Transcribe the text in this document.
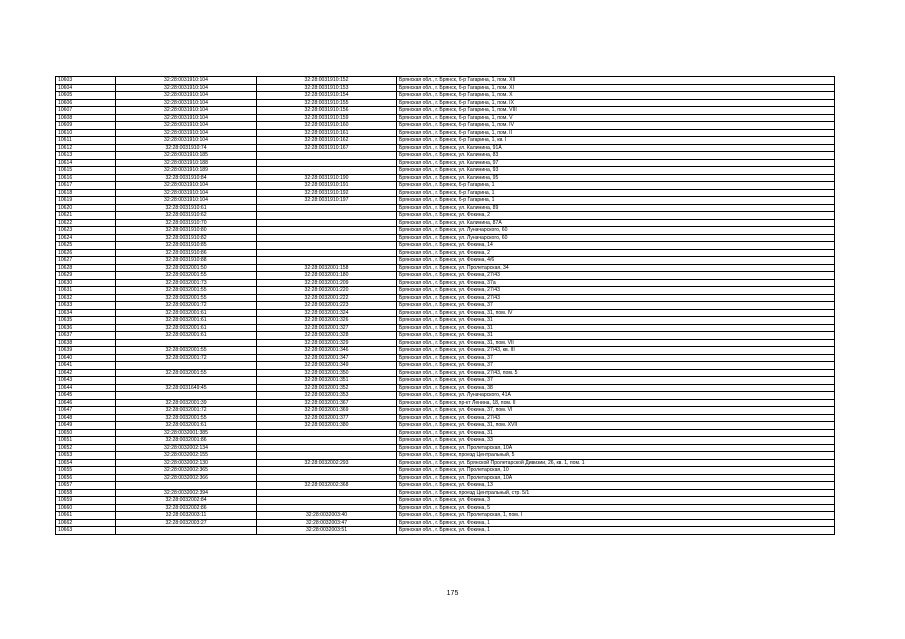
10603	32:28:0031910:104	32:28:0031910:152	Брянская обл., г. Брянск, б-р Гагарина, 1, пом. XII
10604	32:28:0031910:104	32:28:0031910:153	Брянская обл., г. Брянск, б-р Гагарина, 1, пом. XI
10605	32:28:0031910:104	32:28:0031910:154	Брянская обл., г. Брянск, б-р Гагарина, 1, пом. X
10606	32:28:0031910:104	32:28:0031910:155	Брянская обл., г. Брянск, б-р Гагарина, 1, пом. IX
10607	32:28:0031910:104	32:28:0031910:156	Брянская обл., г. Брянск, б-р Гагарина, 1, пом. VIII
10608	32:28:0031910:104	32:28:0031910:159	Брянская обл., г. Брянск, б-р Гагарина, 1, пом. V
10609	32:28:0031910:104	32:28:0031910:160	Брянская обл., г. Брянск, б-р Гагарина, 1, пом. IV
10610	32:28:0031910:104	32:28:0031910:161	Брянская обл., г. Брянск, б-р Гагарина, 1, пом. II
10611	32:28:0031910:104	32:28:0031910:162	Брянская обл., г. Брянск, б-р Гагарина, 1, кв. I
10612	32:28:0031910:74	32:28:0031910:167	Брянская обл., г. Брянск, ул. Калинина, 91А
10613	32:28:0031910:185		Брянская обл., г. Брянск, ул. Калинина, 83
10614	32:28:0031910:188		Брянская обл., г. Брянск, ул. Калинина, 97
10615	32:28:0031910:189		Брянская обл., г. Брянск, ул. Калинина, 93
10616	32:28:0031910:84	32:28:0031910:190	Брянская обл., г. Брянск, ул. Калинина, 95
10617	32:28:0031910:104	32:28:0031910:191	Брянская обл., г. Брянск, б-р Гагарина, 1
10618	32:28:0031910:104	32:28:0031910:192	Брянская обл., г. Брянск, б-р Гагарина, 1
10619	32:28:0031910:104	32:28:0031910:197	Брянская обл., г. Брянск, б-р Гагарина, 1
10620	32:28:0031910:61		Брянская обл., г. Брянск, ул. Калинина, 89
10621	32:28:0031910:62		Брянская обл., г. Брянск, ул. Фокина, 2
10622	32:28:0031910:70		Брянская обл., г. Брянск, ул. Калинина, 87А
10623	32:28:0031910:80		Брянская обл., г. Брянск, ул. Луначарского, 60
10624	32:28:0031910:82		Брянская обл., г. Брянск, ул. Луначарского, 60
10625	32:28:0031910:85		Брянская обл., г. Брянск, ул. Фокина, 14
10626	32:28:0031910:86		Брянская обл., г. Брянск, ул. Фокина, 2
10627	32:28:0031910:88		Брянская обл., г. Брянск, ул. Фокина, 4/6
10628	32:28:0032001:50	32:28:0032001:158	Брянская обл., г. Брянск, ул. Пролетарская, 34
10629	32:28:0032001:55	32:28:0032001:180	Брянская обл., г. Брянск, ул. Фокина, 27/43
10630	32:28:0032001:73	32:28:0032001:209	Брянская обл., г. Брянск, ул. Фокина, 37а
10631	32:28:0032001:55	32:28:0032001:220	Брянская обл., г. Брянск, ул. Фокина, 27/43
10632	32:28:0032001:55	32:28:0032001:222	Брянская обл., г. Брянск, ул. Фокина, 27/43
10633	32:28:0032001:72	32:28:0032001:223	Брянская обл., г. Брянск, ул. Фокина, 37
10634	32:28:0032001:61	32:28:0032001:324	Брянская обл., г. Брянск, ул. Фокина, 31, пом. IV
10635	32:28:0032001:61	32:28:0032001:326	Брянская обл., г. Брянск, ул. Фокина, 31
10636	32:28:0032001:61	32:28:0032001:327	Брянская обл., г. Брянск, ул. Фокина, 31
10637	32:28:0032001:61	32:28:0032001:328	Брянская обл., г. Брянск, ул. Фокина, 31
10638		32:28:0032001:329	Брянская обл., г. Брянск, ул. Фокина, 31, пом. VII
10639	32:28:0032001:55	32:28:0032001:346	Брянская обл., г. Брянск, ул. Фокина, 27/43, кв. III
10640	32:28:0032001:72	32:28:0032001:347	Брянская обл., г. Брянск, ул. Фокина, 37
10641		32:28:0032001:349	Брянская обл., г. Брянск, ул. Фокина, 37
10642	32:28:0032001:55	32:28:0032001:350	Брянская обл., г. Брянск, ул. Фокина, 27/43, пом. 5
10643		32:28:0032001:351	Брянская обл., г. Брянск, ул. Фокина, 37
10644	32:28:0031649:45	32:28:0032001:352	Брянская обл., г. Брянск, ул. Фокина, 38
10645		32:28:0032001:353	Брянская обл., г. Брянск, ул. Луначарского, 41А
10646	32:28:0032001:39	32:28:0032001:367	Брянская обл., г. Брянск, пр-кт Ленина, 18, пом. II
10647	32:28:0032001:72	32:28:0032001:369	Брянская обл., г. Брянск, ул. Фокина, 37, пом. VI
10648	32:28:0032001:55	32:28:0032001:377	Брянская обл., г. Брянск, ул. Фокина, 27/43
10649	32:28:0032001:61	32:28:0032001:380	Брянская обл., г. Брянск, ул. Фокина, 31, пом. XVII
10650	32:28:0032001:385		Брянская обл., г. Брянск, ул. Фокина, 31
10651	32:28:0032001:86		Брянская обл., г. Брянск, ул. Фокина, 33
10652	32:28:0032002:134		Брянская обл., г. Брянск, ул. Пролетарская, 10А
10653	32:28:0032002:155		Брянская обл., г. Брянск, проезд Центральный, 5
10654	32:28:0032002:130	32:28:0032002:293	Брянская обл., г. Брянск, ул. Брянской Пролетарской Дивизии, 26, кв. 1, пом. 1
10655	32:28:0032002:365		Брянская обл., г. Брянск, ул. Пролетарская, 10
10656	32:28:0032002:366		Брянская обл., г. Брянск, ул. Пролетарская, 10А
10657		32:28:0032002:368	Брянская обл., г. Брянск, ул. Фокина, 13
10658	32:28:0032002:394		Брянская обл., г. Брянск, проезд Центральный, стр. 5/1
10659	32:28:0032002:84		Брянская обл., г. Брянск, ул. Фокина, 3
10660	32:28:0032002:86		Брянская обл., г. Брянск, ул. Фокина, 5
10661	32:28:0032003:11	32:28:0032003:40	Брянская обл., г. Брянск, ул. Пролетарская, 1, пом. I
10662	32:28:0032003:27	32:28:0032003:47	Брянская обл., г. Брянск, ул. Фокина, 1
10663		32:28:0032003:51	Брянская обл., г. Брянск, ул. Фокина, 1
175
